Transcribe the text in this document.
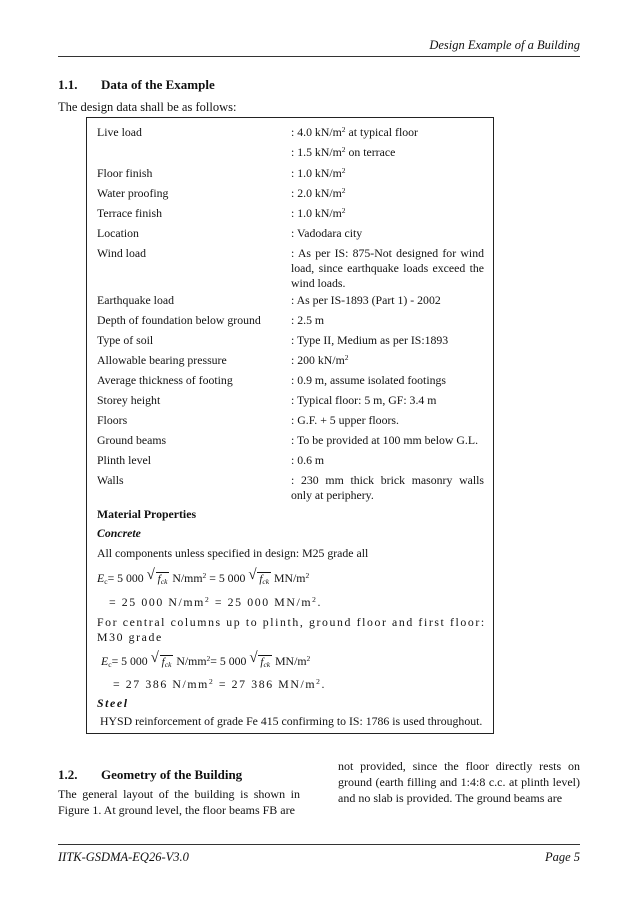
Design Example of a Building
1.1. Data of the Example
The design data shall be as follows:
Live load	: 4.0 $kN/m^2$ at typical floor
: 1.5 $kN/m^2$ on terrace
Floor finish	: 1.0 $kN/m^2$
Water proofing	: 2.0 $kN/m^2$
Terrace finish	: 1.0 $kN/m^2$
Location	: Vadodara city
Wind load	: As per IS: 875-Not designed for wind load, since earthquake loads exceed the wind loads.
Earthquake load	: As per IS-1893 (Part 1) - 2002
Depth of foundation below ground	: 2.5 m
Type of soil	: Type II, Medium as per IS:1893
Allowable bearing pressure	: 200 $kN/m^2$
Average thickness of footing	: 0.9 m, assume isolated footings
Storey height	: Typical floor: 5 m, GF: 3.4 m
Floors	: G.F. + 5 upper floors.
Ground beams	: To be provided at 100 mm below G.L.
Plinth level	: 0.6 m
Walls	: 230 mm thick brick masonry walls only at periphery.
Material Properties
Concrete
All components unless specified in design: M25 grade all
$E_c= 5$ 000 √ $f_{ck}$ $N/mm^2 = 5$ 000 √ $f_{ck}$ $MN/m^2$
= 25 000 $N/mm^2 = 25$ 000 $MN/m^2$.
For central columns up to plinth, ground floor and first floor: M30 grade
$E_c= 5$ 000 √ $f_{ck}$ $N/mm^2= 5$ 000 √ $f_{ck}$ $MN/m^2$
= 27 386 $N/mm^2 = 27$ 386 $MN/m^2$.
Steel
HYSD reinforcement of grade Fe 415 confirming to IS: 1786 is used throughout.
1.2. Geometry of the Building
The general layout of the building is shown in Figure 1. At ground level, the floor beams FB are
not provided, since the floor directly rests on ground (earth filling and 1:4:8 c.c. at plinth level) and no slab is provided. The ground beams are
IITK-GSDMA-EQ26-V3.0	Page 5
